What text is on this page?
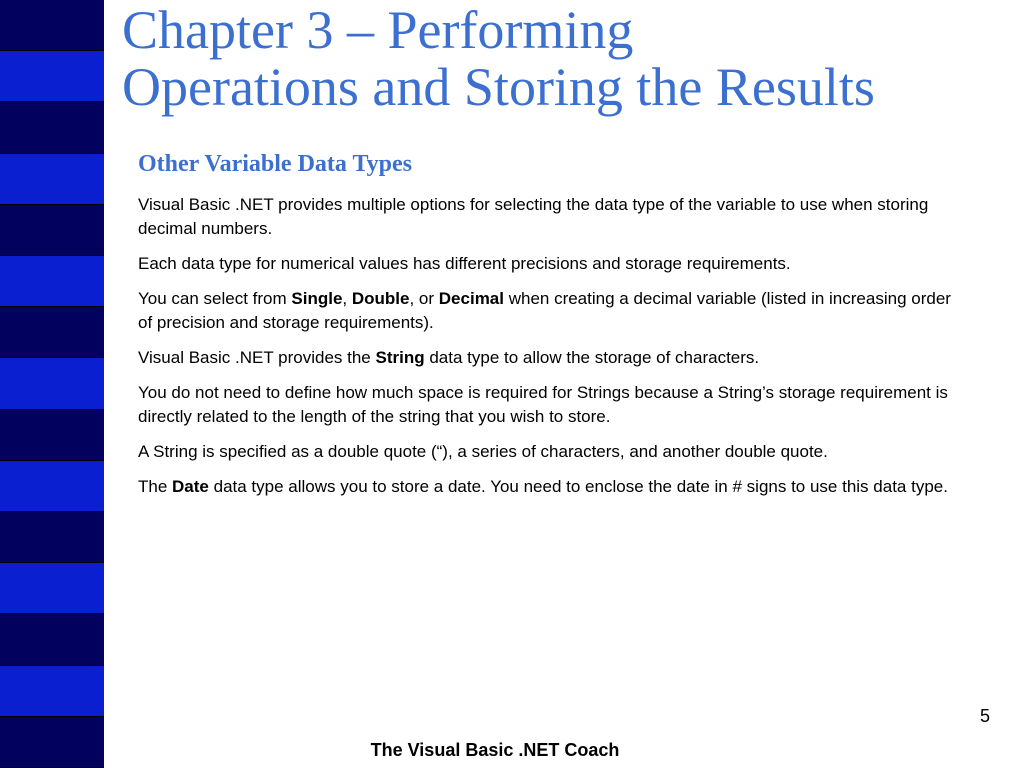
Chapter 3 – Performing
Operations and Storing the Results
Other Variable Data Types

Visual Basic .NET provides multiple options for selecting the data type of the variable to use when storing decimal numbers.

Each data type for numerical values has different precisions and storage requirements.

You can select from Single, Double, or Decimal when creating a decimal variable (listed in increasing order of precision and storage requirements).

Visual Basic .NET provides the String data type to allow the storage of characters.

You do not need to define how much space is required for Strings because a String’s storage requirement is directly related to the length of the string that you wish to store.

A String is specified as a double quote (“), a series of characters, and another double quote.

The Date data type allows you to store a date. You need to enclose the date in # signs to use this data type.

5
The Visual Basic .NET Coach
